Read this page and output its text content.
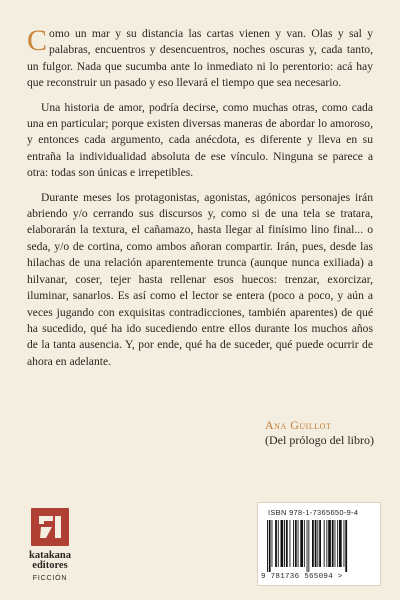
Como un mar y su distancia las cartas vienen y van. Olas y sal y palabras, encuentros y desencuentros, noches oscuras y, cada tanto, un fulgor. Nada que sucumba ante lo inmediato ni lo perentorio: acá hay que reconstruir un pasado y eso llevará el tiempo que sea necesario.

Una historia de amor, podría decirse, como muchas otras, como cada una en particular; porque existen diversas maneras de abordar lo amoroso, y entonces cada argumento, cada anécdota, es diferente y lleva en su entraña la individualidad absoluta de ese vínculo. Ninguna se parece a otra: todas son únicas e irrepetibles.

Durante meses los protagonistas, agonistas, agónicos personajes irán abriendo y/o cerrando sus discursos y, como si de una tela se tratara, elaborarán la textura, el cañamazo, hasta llegar al finísimo lino final... o seda, y/o de cortina, como ambos añoran compartir. Irán, pues, desde las hilachas de una relación aparentemente trunca (aunque nunca exiliada) a hilvanar, coser, tejer hasta rellenar esos huecos: trenzar, exorcizar, iluminar, sanarlos. Es así como el lector se entera (poco a poco, y aún a veces jugando con exquisitas contradicciones, también aparentes) de qué ha sucedido, qué ha ido sucediendo entre ellos durante los muchos años de la tanta ausencia. Y, por ende, qué ha de suceder, qué puede ocurrir de ahora en adelante.

Ana Guillot
(Del prólogo del libro)
katakana
editores
FICCIÓN
ISBN 978-1-7365650-9-4
9 781736 565094 >
